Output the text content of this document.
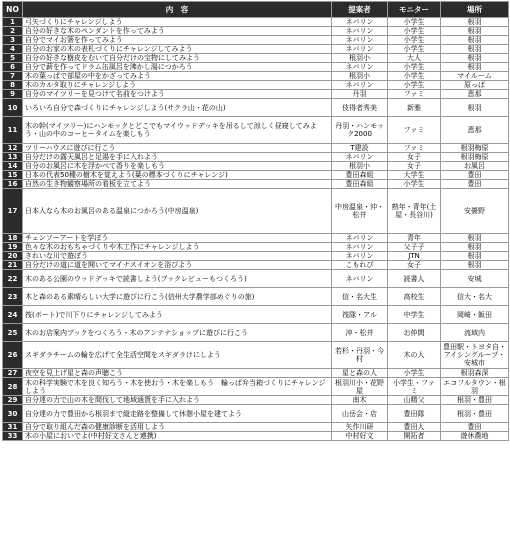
NO	内　容	提案者	モニター	場所
1	弓矢づくりにチャレンジしよう	ネバリン	小学生	根羽
2	自分の好きな木のペンダントを作ってみよう	ネバリン	小学生	根羽
3	自分でマイお箸を作ってみよう	ネバリン	小学生	根羽
4	自分のお家の木の表札づくりにチャレンジしてみよう	ネバリン	小学生	根羽
5	自分の好きな樹皮をむいて自分だけの宝物にしてみよう	根羽小	大人	根羽
6	自分で薪を作ってドラム缶風呂を沸かし湯につかろう	ネバリン	小学生	根羽
7	木の葉っぱで部屋の中をかざってみよう	根羽小	小学生	マイルーム
8	木のカルタ取りにチャレンジしよう	ネバリン	小学生	原っぱ
9	自分のマイツリーを見つけて名前をつけよう	丹羽	ファミ	恵那
10	いろいろ自分で森づくりにチャレンジしよう(サクラ山・花の山)	伎得者秀美	新雅	根羽
11	木の幹(マイツリー)にハンモックとどこでもマイウッドデッキを吊るして涼しく昼寝してみよう・山の中のコーヒータイムを楽しもう	丹羽・ハンモック2000	ファミ	恵那
12	ツリーハウスに遊びに行こう	T建設	ファミ	根羽梅原
13	自分だけの露天風呂と足湯を手に入れよう	ネバリン	女子	根羽梅原
14	自分のお風呂に木を浮かべて香りを楽しもう	根羽小	女子	お風呂
15	日本の代表50種の樹木を覚えよう(葉の標本づくりにチャレンジ)	豊田森組	大学生	豊田
16	自然の生き物観察場所の看板を立てよう	豊田森組	小学生	豊田
17	日本人なら木のお風呂のある温泉につかろう(中房温泉)	中房温泉・沖・松井	熟年・青年(土屋・長谷川)	安曇野
18	チェンソーアートを学ぼう	ネバリン	青年	根羽
19	色々な木のおもちゃづくりや木工作にチャレンジしよう	ネバリン	父子子	根羽
20	きれいな川で遊ぼう	ネバリン	JTN	根羽
21	自分だけの道に道を開いてマイナスイオンを浴びよう	こもれび	女子	根羽
22	木のある公園のウッドデッキで読書しよう(ブックレビューもつくろう)	ネバリン	読書人	安城
23	木と森のある素晴らしい大学に遊びに行こう(信州大学農学部めぐりの旅)	信・名大生	高校生	信大・名大
24	筏(ボート)で川下りにチャレンジしてみよう	筏隊・アル	中学生	岡崎・飯田
25	木のお店案内ブックをつくろう・木のアンテナショップに遊びに行こう	沖・松井	お仲間	流域内
26	スギダラチームの輪を広げて全生活空間をスギダラけにしよう	若杉・丹羽・今村	木の人	豊田駅・トヨタ自・アイシングループ・安城市
27	夜空を見上げ星と森の声聴こう	星と森の人	小学生	根羽森深
28	木の科学実験で木を良く知ろう・木を使おう・木を楽しもう　輪っぱ弁当箱づくりにチャレンジしよう	根羽川小・花野屋	小学生・ファミ	エコフルタウン・根羽
29	自分達の力で山の木を間伐して地域通貨を手に入れよう	南木	山精父	根羽・豊田
30	自分達の力で豊田から根羽まで縦走路を整備して休憩小屋を建てよう	山岳会・店	豊田隊	根羽・豊田
31	自分で取り組んだ森の健康診断を活用しよう	矢作川研	豊田人	豊田
33	木の小屋においでよ(中村好文さんと連携)	中村好文	開拓者	遊休農地
